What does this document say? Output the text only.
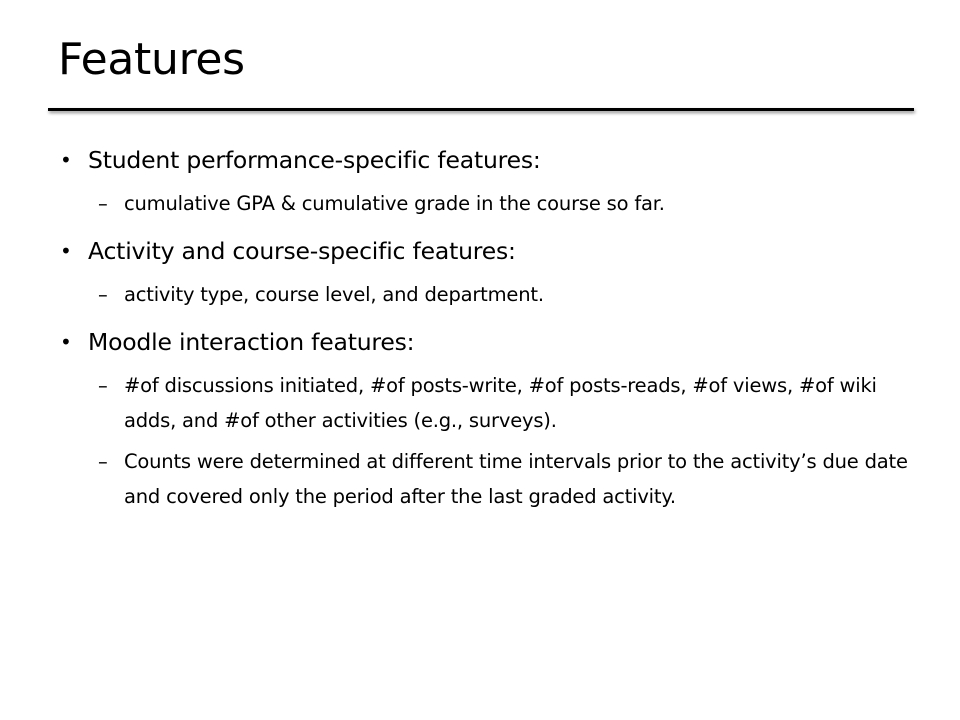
Features
• Student performance-specific features:
– cumulative GPA & cumulative grade in the course so far.
• Activity and course-specific features:
– activity type, course level, and department.
• Moodle interaction features:
– #of discussions initiated, #of posts-write, #of posts-reads, #of views, #of wiki adds, and #of other activities (e.g., surveys).
– Counts were determined at different time intervals prior to the activity’s due date and covered only the period after the last graded activity.
